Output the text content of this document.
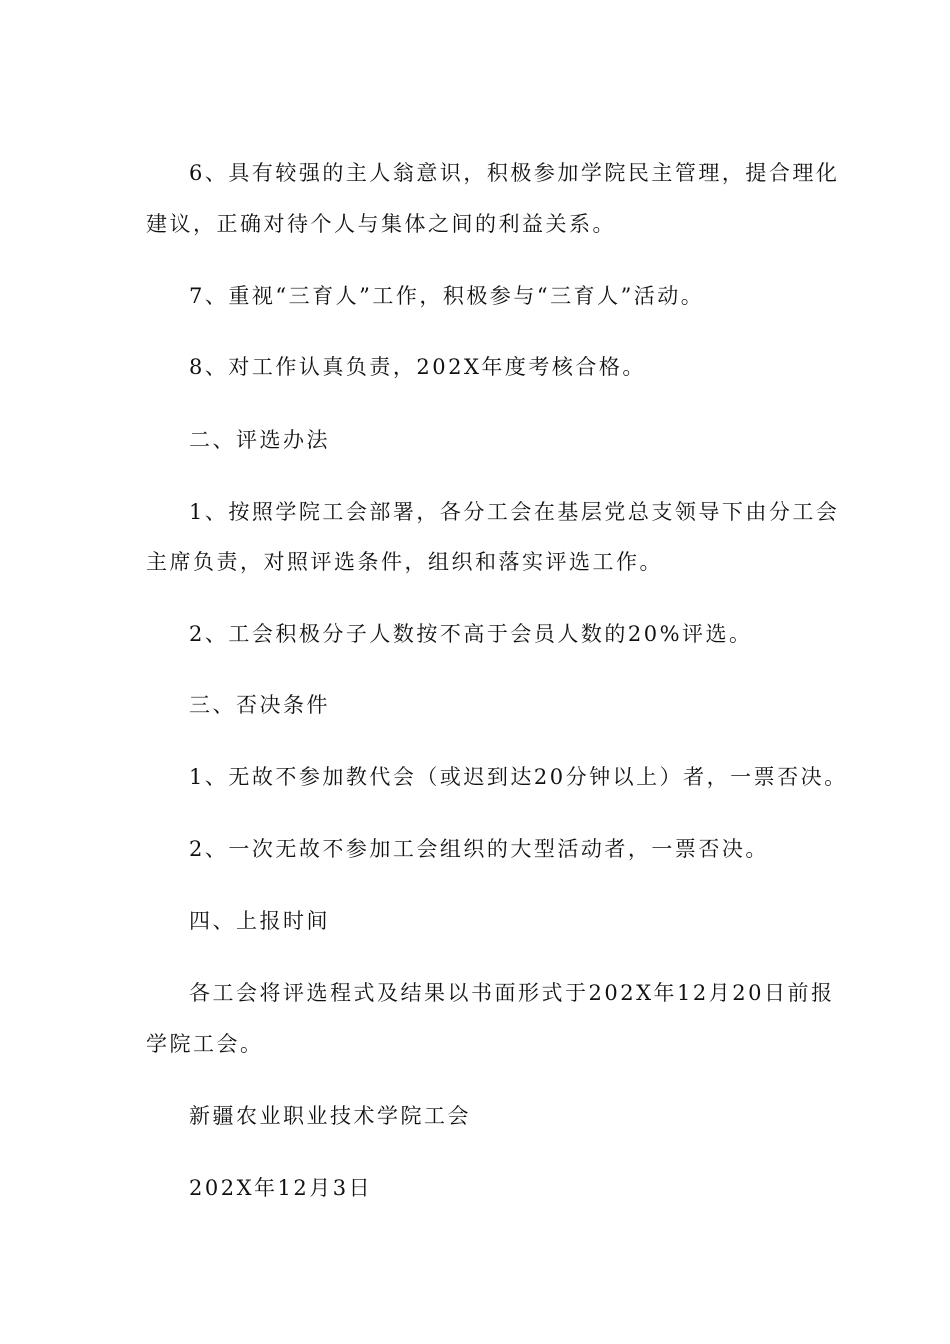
6、具有较强的主人翁意识，积极参加学院民主管理，提合理化
建议，正确对待个人与集体之间的利益关系。
7、重视“三育人”工作，积极参与“三育人”活动。
8、对工作认真负责，202X年度考核合格。
二、评选办法
1、按照学院工会部署，各分工会在基层党总支领导下由分工会
主席负责，对照评选条件，组织和落实评选工作。
2、工会积极分子人数按不高于会员人数的20%评选。
三、否决条件
1、无故不参加教代会（或迟到达20分钟以上）者，一票否决。
2、一次无故不参加工会组织的大型活动者，一票否决。
四、上报时间
各工会将评选程式及结果以书面形式于202X年12月20日前报
学院工会。
新疆农业职业技术学院工会
202X年12月3日
